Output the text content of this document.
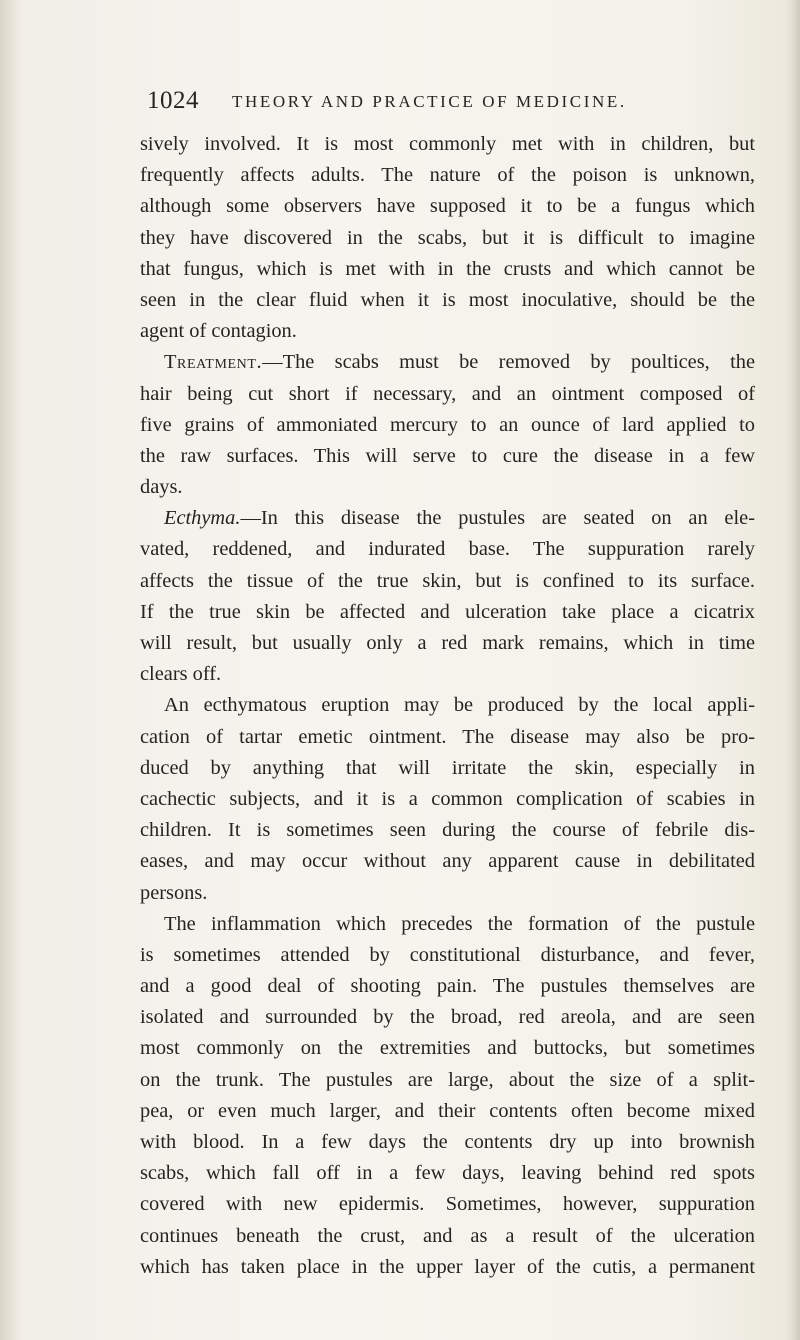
1024 THEORY AND PRACTICE OF MEDICINE.
sively involved. It is most commonly met with in children, but
frequently affects adults. The nature of the poison is unknown,
although some observers have supposed it to be a fungus which
they have discovered in the scabs, but it is difficult to imagine
that fungus, which is met with in the crusts and which cannot be
seen in the clear fluid when it is most inoculative, should be the
agent of contagion.
Treatment.—The scabs must be removed by poultices, the
hair being cut short if necessary, and an ointment composed of
five grains of ammoniated mercury to an ounce of lard applied to
the raw surfaces. This will serve to cure the disease in a few
days.
Ecthyma.—In this disease the pustules are seated on an ele-
vated, reddened, and indurated base. The suppuration rarely
affects the tissue of the true skin, but is confined to its surface.
If the true skin be affected and ulceration take place a cicatrix
will result, but usually only a red mark remains, which in time
clears off.
An ecthymatous eruption may be produced by the local appli-
cation of tartar emetic ointment. The disease may also be pro-
duced by anything that will irritate the skin, especially in
cachectic subjects, and it is a common complication of scabies in
children. It is sometimes seen during the course of febrile dis-
eases, and may occur without any apparent cause in debilitated
persons.
The inflammation which precedes the formation of the pustule
is sometimes attended by constitutional disturbance, and fever,
and a good deal of shooting pain. The pustules themselves are
isolated and surrounded by the broad, red areola, and are seen
most commonly on the extremities and buttocks, but sometimes
on the trunk. The pustules are large, about the size of a split-
pea, or even much larger, and their contents often become mixed
with blood. In a few days the contents dry up into brownish
scabs, which fall off in a few days, leaving behind red spots
covered with new epidermis. Sometimes, however, suppuration
continues beneath the crust, and as a result of the ulceration
which has taken place in the upper layer of the cutis, a permanent
